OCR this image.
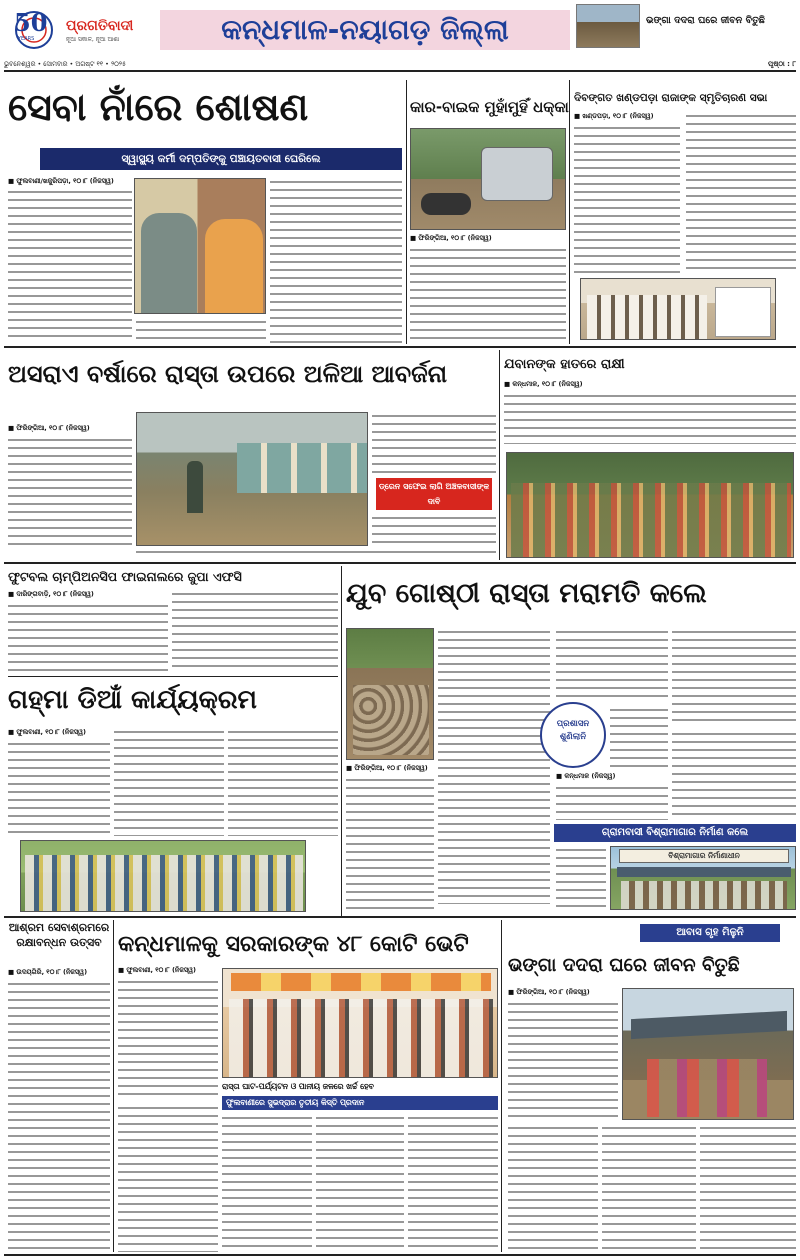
50
YEARS
ପ୍ରଗତିବାଦୀ
ନୂଆ ସକାଳ, ନୂଆ ଆଶା	କନ୍ଧମାଳ-ନୟାଗଡ଼ ଜିଲ୍ଲା	ଭଙ୍ଗା ଦଦରା ଘରେ ଜୀବନ ବିତୁଛି
ଭୁବନେଶ୍ୱର • ସୋମବାର • ଅଗଷ୍ଟ ୧୧ • ୨୦୨୫	ପୃଷ୍ଠା : ୮
ସେବା ନାଁରେ ଶୋଷଣ
ସ୍ୱାସ୍ଥ୍ୟ କର୍ମୀ ଦମ୍ପତିଙ୍କୁ ପଞ୍ଚାୟତବାସୀ ଘେରିଲେ
■ ଫୁଲବାଣୀ/ଖଜୁରିପଡ଼ା, ୧୦।୮ (ନିଜସ୍ୱ)
କାର-ବାଇକ ମୁହାଁମୁହିଁ ଧକ୍କା
■ ଫିରିଙ୍ଗିଆ, ୧୦।୮ (ନିଜସ୍ୱ)
ଦିବଙ୍ଗତ ଖଣ୍ଡପଡ଼ା ରାଜାଙ୍କ ସ୍ମୃତିଚାରଣ ସଭା
■ ଖଣ୍ଡପଡ଼ା, ୧୦।୮ (ନିଜସ୍ୱ)
ଅସରାଏ ବର୍ଷାରେ ରାସ୍ତା ଉପରେ ଅଳିଆ ଆବର୍ଜନା
■ ଫିରିଙ୍ଗିଆ, ୧୦।୮ (ନିଜସ୍ୱ)
ଡ୍ରେନ ସଫେଇ ଲାଗି ଅଞ୍ଚଳବାସୀଙ୍କ ଦାବି
ଯବାନଙ୍କ ହାତରେ ରାକ୍ଷୀ
■ କନ୍ଧମାଳ, ୧୦।୮ (ନିଜସ୍ୱ)
ଫୁଟବଲ ଚାମ୍ପିଅନସିପ ଫାଇନାଲରେ ଜୁପା ଏଫସି
■ ଦାରିଙ୍ଗବାଡ଼ି, ୧୦।୮ (ନିଜସ୍ୱ)
ଗହ୍ମା ଡିଆଁ କାର୍ଯ୍ୟକ୍ରମ
■ ଫୁଲବାଣୀ, ୧୦।୮ (ନିଜସ୍ୱ)
ଯୁବ ଗୋଷ୍ଠୀ ରାସ୍ତା ମରାମତି କଲେ
■ ଫିରିଙ୍ଗିଆ, ୧୦।୮ (ନିଜସ୍ୱ)
ପ୍ରଶାସନ ଶୁଣିଲାନି
■ କନ୍ଧମାଳ (ନିଜସ୍ୱ)
ଗ୍ରାମବାସୀ ବିଶ୍ରାମାଗାର ନିର୍ମାଣ କଲେ
ବିଶ୍ରାମାଗାର ନିର୍ମାଣାଧୀନ
ଆଶ୍ରମ ସେବାଶ୍ରମରେ ରକ୍ଷାବନ୍ଧନ ଉତ୍ସବ
■ ଉଦୟଗିରି, ୧୦।୮ (ନିଜସ୍ୱ)
କନ୍ଧମାଳକୁ ସରକାରଙ୍କ ୪୮ କୋଟି ଭେଟି
■ ଫୁଲବାଣୀ, ୧୦।୮ (ନିଜସ୍ୱ)
ରାସ୍ତା ଘାଟ-ପର୍ଯ୍ୟଟନ ଓ ପାନୀୟ ଜଳରେ ଖର୍ଚ୍ଚ ହେବ
ଫୁଲବାଣୀରେ ସୁଭଦ୍ରାର ତୃତୀୟ କିସ୍ତି ପ୍ରଦାନ
ଆବାସ ଗୃହ ମିଳୁନି
ଭଙ୍ଗା ଦଦରା ଘରେ ଜୀବନ ବିତୁଛି
■ ଫିରିଙ୍ଗିଆ, ୧୦।୮ (ନିଜସ୍ୱ)
